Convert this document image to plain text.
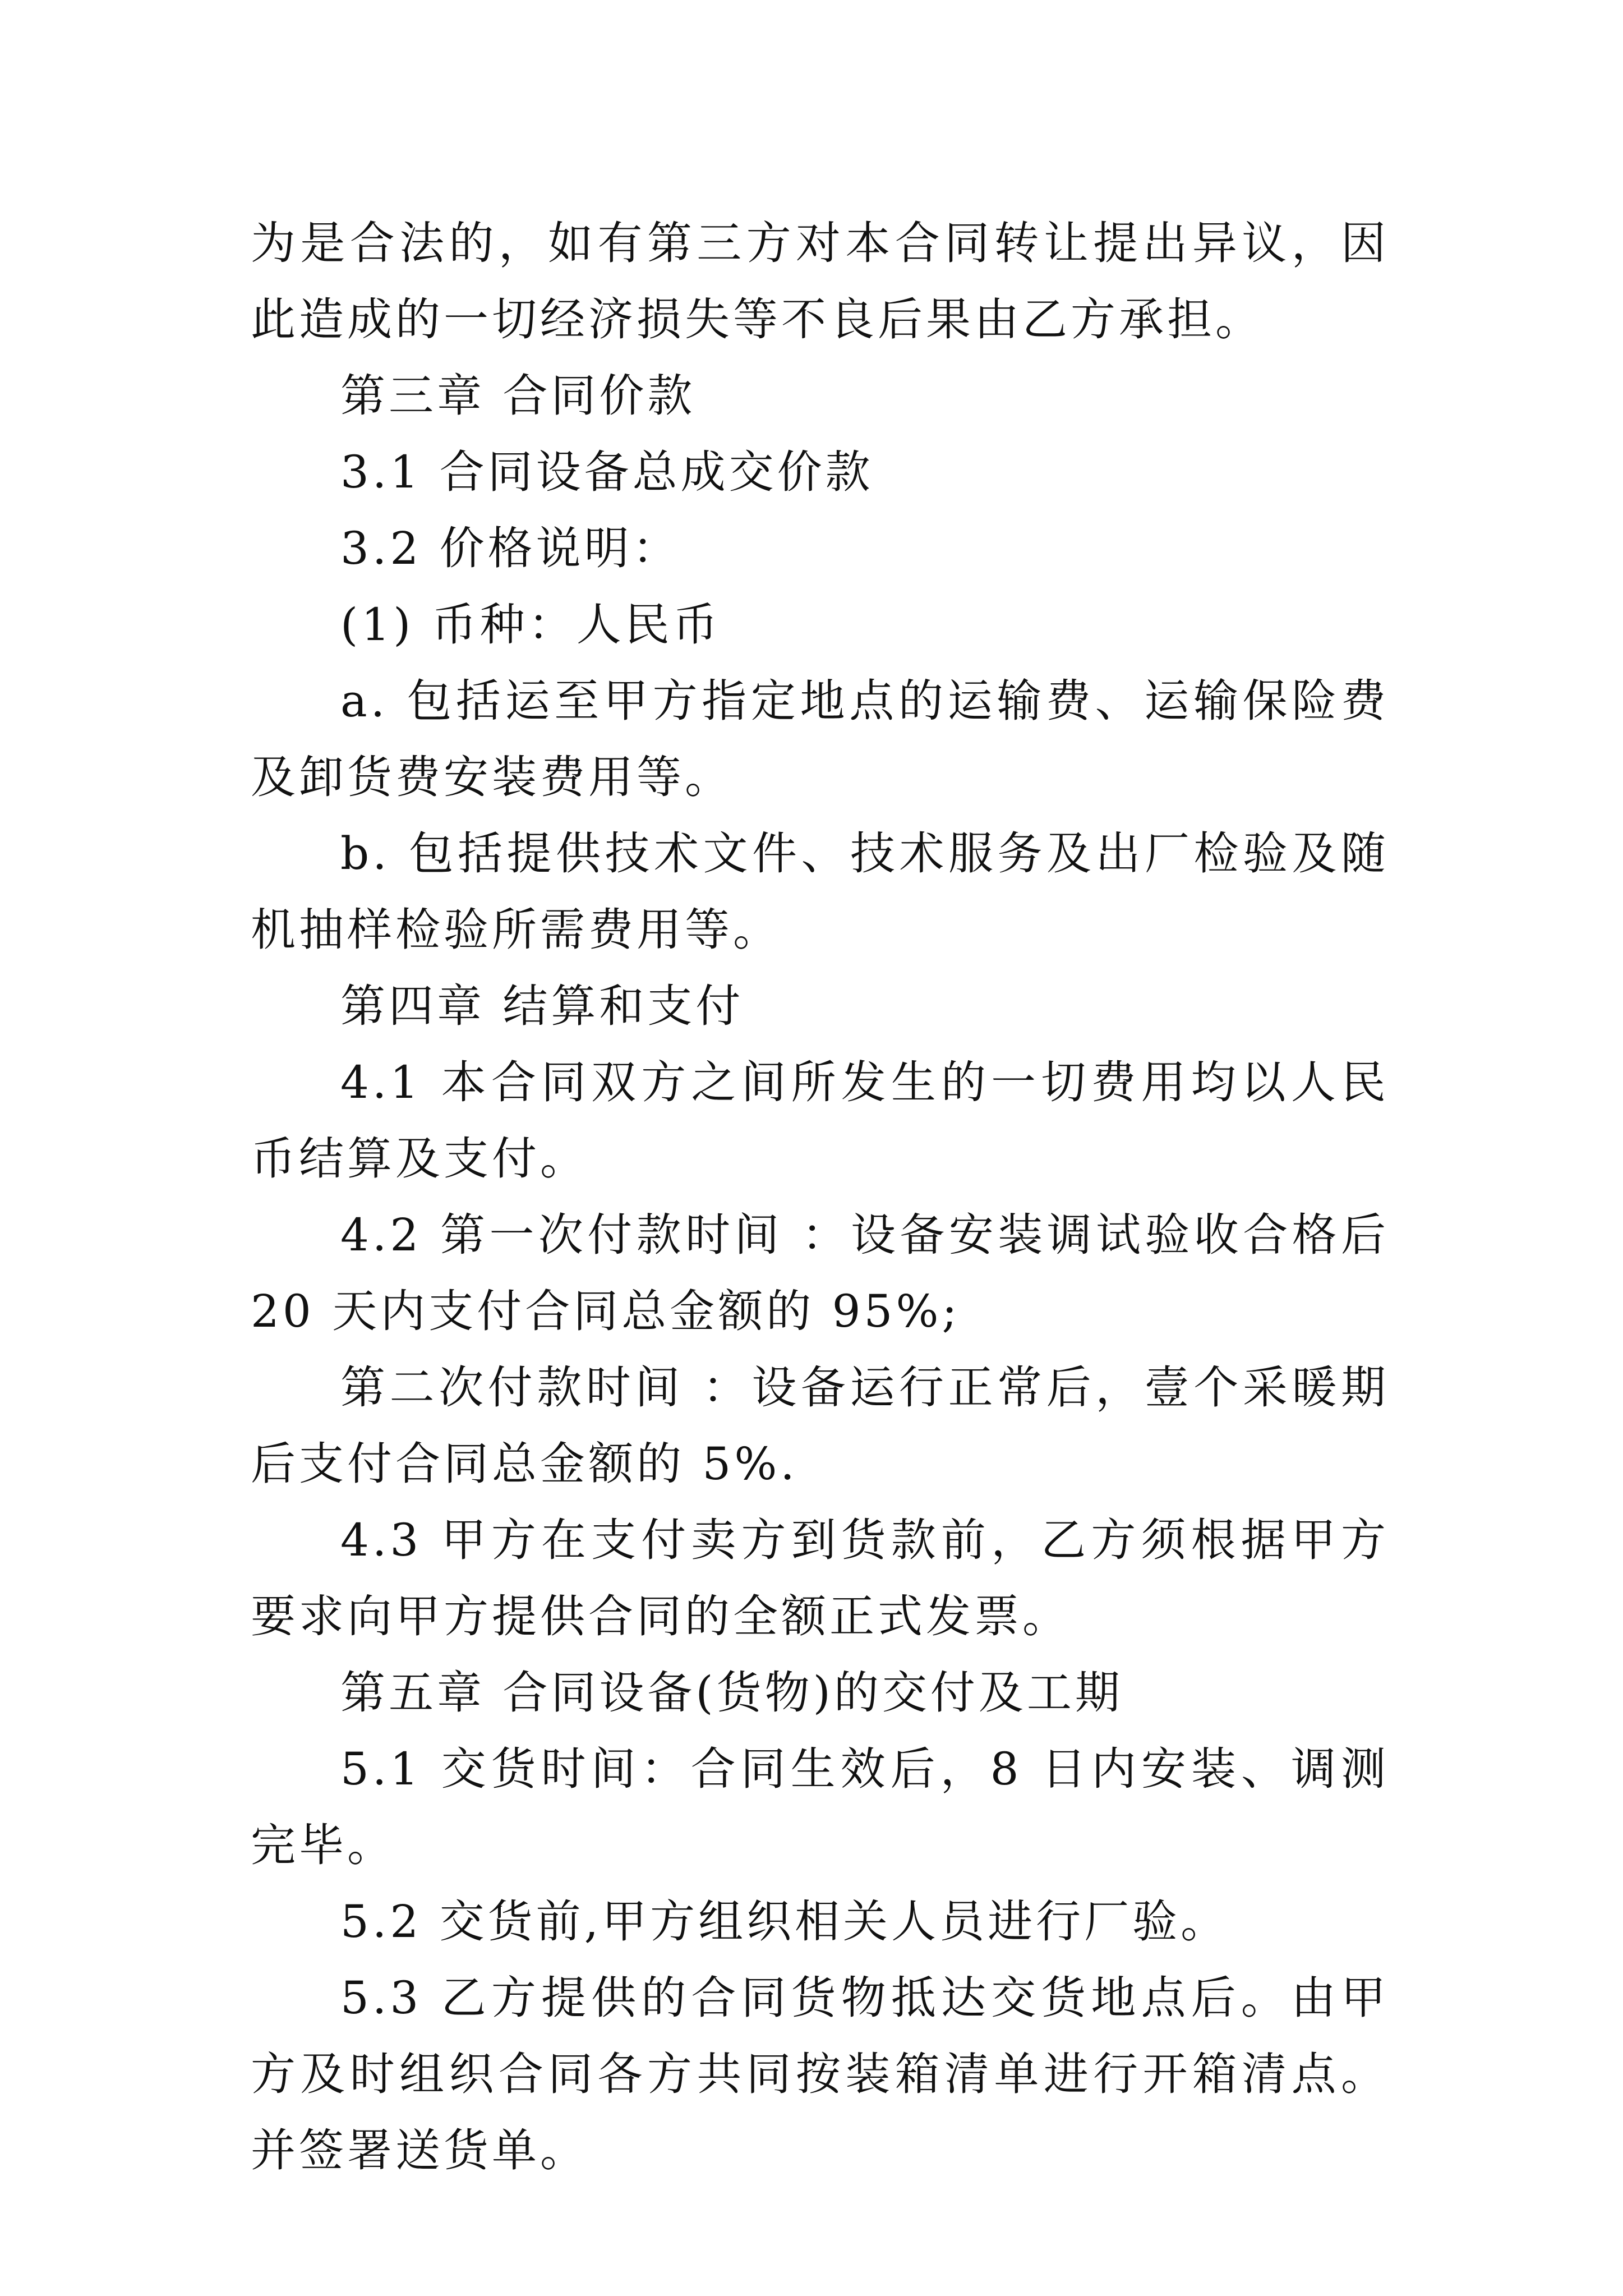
为是合法的，如有第三方对本合同转让提出异议，因此造成的一切经济损失等不良后果由乙方承担。

第三章 合同价款

3.1 合同设备总成交价款

3.2 价格说明：

(1) 币种：人民币

a. 包括运至甲方指定地点的运输费、运输保险费及卸货费安装费用等。

b. 包括提供技术文件、技术服务及出厂检验及随机抽样检验所需费用等。

第四章 结算和支付

4.1 本合同双方之间所发生的一切费用均以人民币结算及支付。

4.2 第一次付款时间 ：设备安装调试验收合格后 20 天内支付合同总金额的 95%;

第二次付款时间 ：设备运行正常后，壹个采暖期后支付合同总金额的 5%.

4.3 甲方在支付卖方到货款前，乙方须根据甲方要求向甲方提供合同的全额正式发票。

第五章 合同设备(货物)的交付及工期

5.1 交货时间：合同生效后，8 日内安装、调测完毕。

5.2 交货前,甲方组织相关人员进行厂验。

5.3 乙方提供的合同货物抵达交货地点后。由甲方及时组织合同各方共同按装箱清单进行开箱清点。并签署送货单。
